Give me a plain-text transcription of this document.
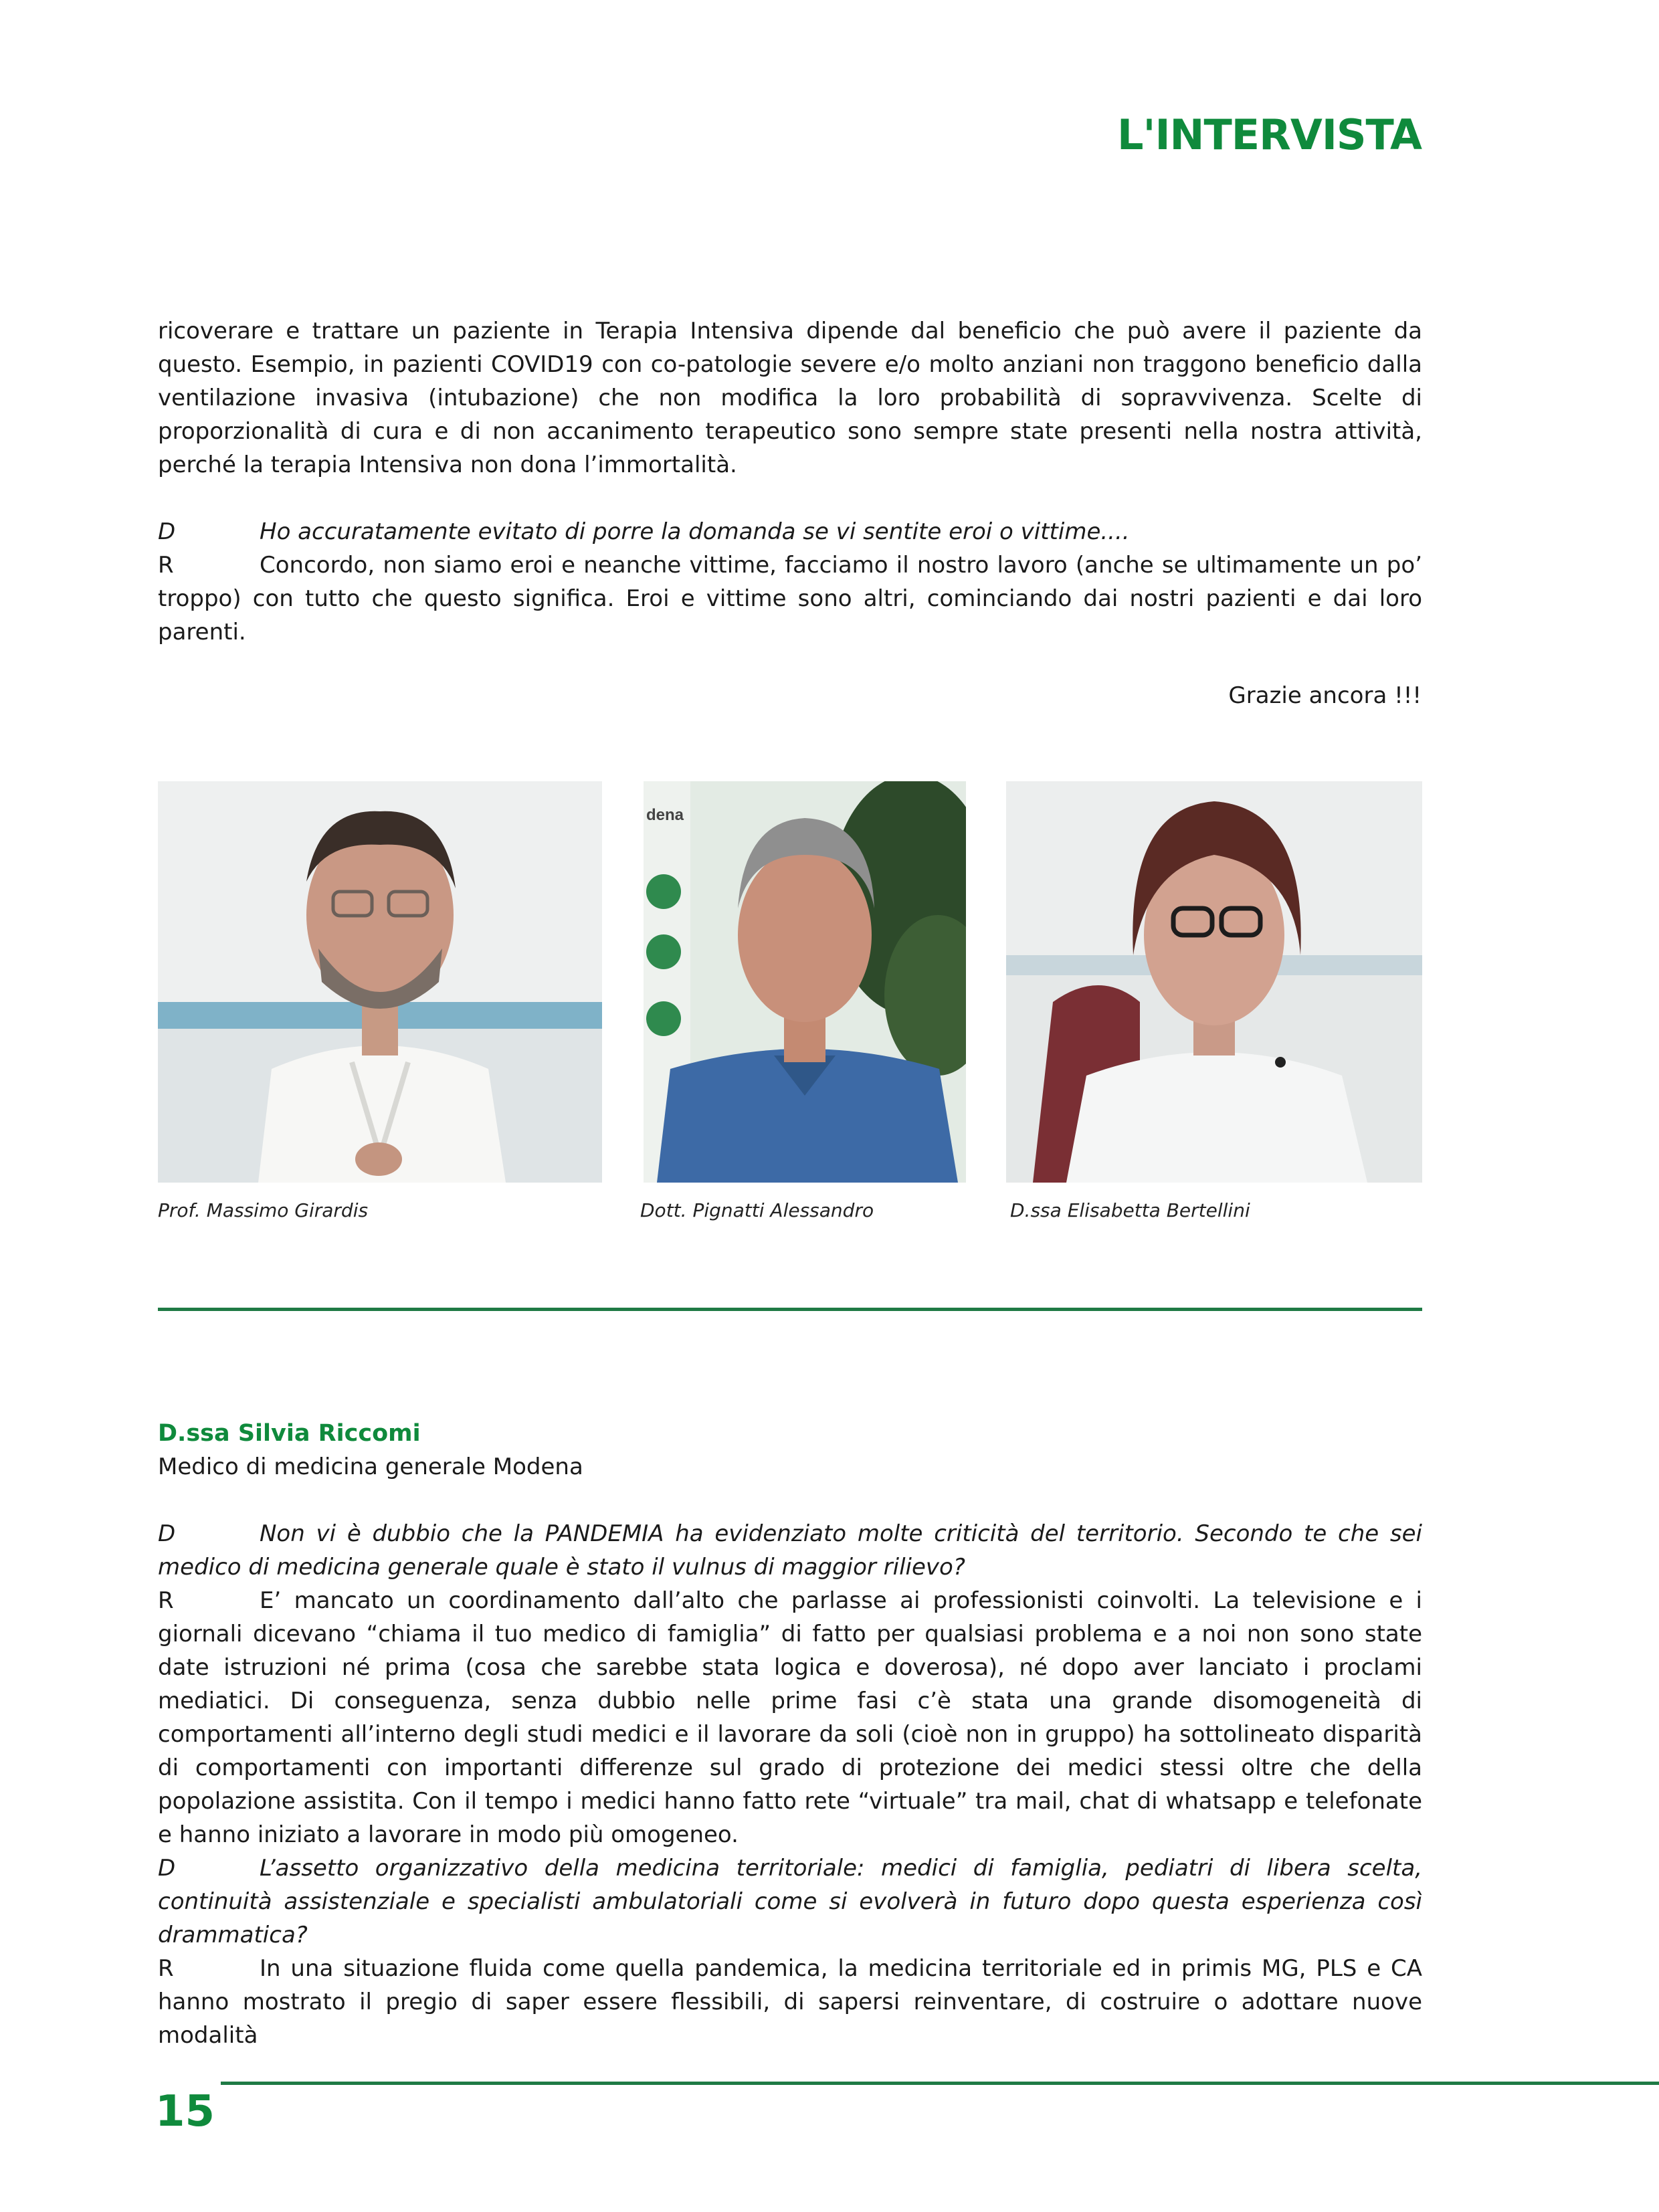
L'INTERVISTA

ricoverare e trattare un paziente in Terapia Intensiva dipende dal beneficio che può avere il paziente da questo. Esempio, in pazienti COVID19 con co-patologie severe e/o molto anziani non traggono beneficio dalla ventilazione invasiva (intubazione) che non modifica la loro probabilità di sopravvivenza. Scelte di proporzionalità di cura e di non accanimento terapeutico sono sempre state presenti nella nostra attività, perché la terapia Intensiva non dona l’immortalità.

D	Ho accuratamente evitato di porre la domanda se vi sentite eroi o vittime....
R	Concordo, non siamo eroi e neanche vittime, facciamo il nostro lavoro (anche se ultimamente un po’ troppo) con tutto che questo significa. Eroi e vittime sono altri, cominciando dai nostri pazienti e dai loro parenti.

Grazie ancora !!!

Prof. Massimo Girardis

dena

Dott. Pignatti Alessandro	D.ssa Elisabetta Bertellini

D.ssa Silvia Riccomi

Medico di medicina generale Modena

D	Non vi è dubbio che la PANDEMIA ha evidenziato molte criticità del territorio. Secondo te che sei medico di medicina generale quale è stato il vulnus di maggior rilievo?
R	E’ mancato un coordinamento dall’alto che parlasse ai professionisti coinvolti. La televisione e i giornali dicevano “chiama il tuo medico di famiglia” di fatto per qualsiasi problema e a noi non sono state date istruzioni né prima (cosa che sarebbe stata logica e doverosa), né dopo aver lanciato i proclami mediatici. Di conseguenza, senza dubbio nelle prime fasi c’è stata una grande disomogeneità di comportamenti all’interno degli studi medici e il lavorare da soli (cioè non in gruppo) ha sottolineato disparità di comportamenti con importanti differenze sul grado di protezione dei medici stessi oltre che della popolazione assistita. Con il tempo i medici hanno fatto rete “virtuale” tra mail, chat di whatsapp e telefonate e hanno iniziato a lavorare in modo più omogeneo.
D	L’assetto organizzativo della medicina territoriale: medici di famiglia, pediatri di libera scelta, continuità assistenziale e specialisti ambulatoriali come si evolverà in futuro dopo questa esperienza così drammatica?
R	In una situazione fluida come quella pandemica, la medicina territoriale ed in primis MG, PLS e CA hanno mostrato il pregio di saper essere flessibili, di sapersi reinventare, di costruire o adottare nuove modalità

15
